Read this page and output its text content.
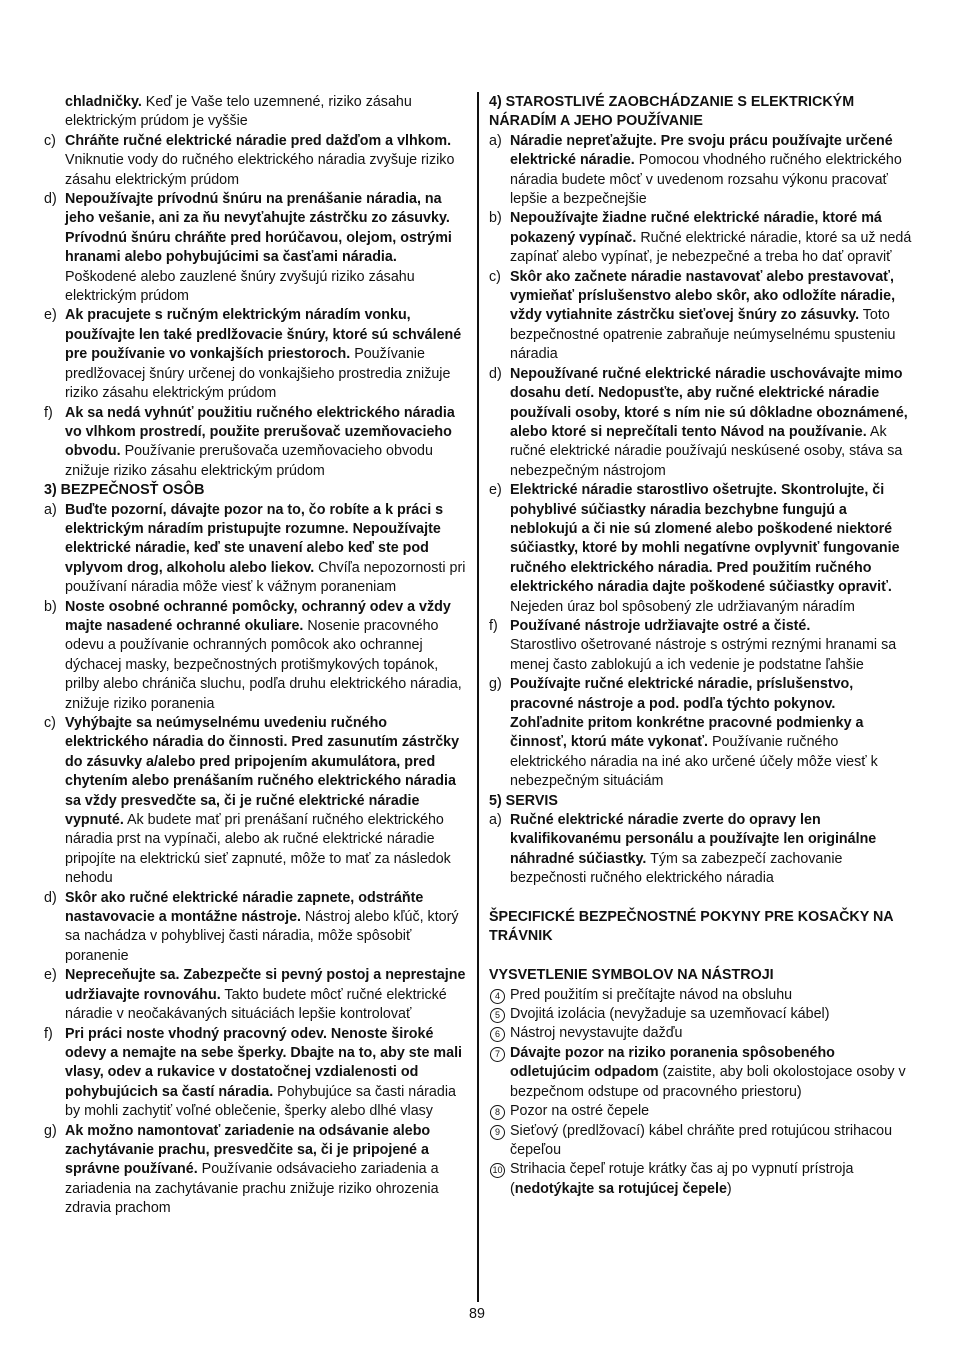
chladničky. Keď je Vaše telo uzemnené, riziko zásahu elektrickým prúdom je vyššie
c) Chráňte ručné elektrické náradie pred dažďom a vlhkom. Vniknutie vody do ručného elektrického náradia zvyšuje riziko zásahu elektrickým prúdom
d) Nepoužívajte prívodnú šnúru na prenášanie náradia, na jeho vešanie, ani za ňu nevyťahujte zástrčku zo zásuvky. Prívodnú šnúru chráňte pred horúčavou, olejom, ostrými hranami alebo pohybujúcimi sa časťami náradia. Poškodené alebo zauzlené šnúry zvyšujú riziko zásahu elektrickým prúdom
e) Ak pracujete s ručným elektrickým náradím vonku, používajte len také predlžovacie šnúry, ktoré sú schválené pre používanie vo vonkajších priestoroch. Používanie predlžovacej šnúry určenej do vonkajšieho prostredia znižuje riziko zásahu elektrickým prúdom
f) Ak sa nedá vyhnúť použitiu ručného elektrického náradia vo vlhkom prostredí, použite prerušovač uzemňovacieho obvodu. Používanie prerušovača uzemňovacieho obvodu znižuje riziko zásahu elektrickým prúdom
3) BEZPEČNOSŤ OSÔB
a) Buďte pozorní, dávajte pozor na to, čo robíte a k práci s elektrickým náradím pristupujte rozumne. Nepoužívajte elektrické náradie, keď ste unavení alebo keď ste pod vplyvom drog, alkoholu alebo liekov. Chvíľa nepozornosti pri používaní náradia môže viesť k vážnym poraneniam
b) Noste osobné ochranné pomôcky, ochranný odev a vždy majte nasadené ochranné okuliare. Nosenie pracovného odevu a používanie ochranných pomôcok ako ochrannej dýchacej masky, bezpečnostných protišmykových topánok, prilby alebo chrániča sluchu, podľa druhu elektrického náradia, znižuje riziko poranenia
c) Vyhýbajte sa neúmyselnému uvedeniu ručného elektrického náradia do činnosti. Pred zasunutím zástrčky do zásuvky a/alebo pred pripojením akumulátora, pred chytením alebo prenášaním ručného elektrického náradia sa vždy presvedčte sa, či je ručné elektrické náradie vypnuté. Ak budete mať pri prenášaní ručného elektrického náradia prst na vypínači, alebo ak ručné elektrické náradie pripojíte na elektrickú sieť zapnuté, môže to mať za následok nehodu
d) Skôr ako ručné elektrické náradie zapnete, odstráňte nastavovacie a montážne nástroje. Nástroj alebo kľúč, ktorý sa nachádza v pohyblivej časti náradia, môže spôsobiť poranenie
e) Nepreceňujte sa. Zabezpečte si pevný postoj a neprestajne udržiavajte rovnováhu. Takto budete môcť ručné elektrické náradie v neočakávaných situáciách lepšie kontrolovať
f) Pri práci noste vhodný pracovný odev. Nenoste široké odevy a nemajte na sebe šperky. Dbajte na to, aby ste mali vlasy, odev a rukavice v dostatočnej vzdialenosti od pohybujúcich sa častí náradia. Pohybujúce sa časti náradia by mohli zachytiť voľné oblečenie, šperky alebo dlhé vlasy
g) Ak možno namontovať zariadenie na odsávanie alebo zachytávanie prachu, presvedčite sa, či je pripojené a správne používané. Používanie odsávacieho zariadenia a zariadenia na zachytávanie prachu znižuje riziko ohrozenia zdravia prachom
4) STAROSTLIVÉ ZAOBCHÁDZANIE S ELEKTRICKÝM NÁRADÍM A JEHO POUŽÍVANIE
a) Náradie nepreťažujte. Pre svoju prácu používajte určené elektrické náradie. Pomocou vhodného ručného elektrického náradia budete môcť v uvedenom rozsahu výkonu pracovať lepšie a bezpečnejšie
b) Nepoužívajte žiadne ručné elektrické náradie, ktoré má pokazený vypínač. Ručné elektrické náradie, ktoré sa už nedá zapínať alebo vypínať, je nebezpečné a treba ho dať opraviť
c) Skôr ako začnete náradie nastavovať alebo prestavovať, vymieňať príslušenstvo alebo skôr, ako odložíte náradie, vždy vytiahnite zástrčku sieťovej šnúry zo zásuvky. Toto bezpečnostné opatrenie zabraňuje neúmyselnému spusteniu náradia
d) Nepoužívané ručné elektrické náradie uschovávajte mimo dosahu detí. Nedopusťte, aby ručné elektrické náradie používali osoby, ktoré s ním nie sú dôkladne oboznámené, alebo ktoré si neprečítali tento Návod na používanie. Ak ručné elektrické náradie používajú neskúsené osoby, stáva sa nebezpečným nástrojom
e) Elektrické náradie starostlivo ošetrujte. Skontrolujte, či pohyblivé súčiastky náradia bezchybne fungujú a neblokujú a či nie sú zlomené alebo poškodené niektoré súčiastky, ktoré by mohli negatívne ovplyvniť fungovanie ručného elektrického náradia. Pred použitím ručného elektrického náradia dajte poškodené súčiastky opraviť. Nejeden úraz bol spôsobený zle udržiavaným náradím
f) Používané nástroje udržiavajte ostré a čisté.
Starostlivo ošetrované nástroje s ostrými reznými hranami sa menej často zablokujú a ich vedenie je podstatne ľahšie
g) Používajte ručné elektrické náradie, príslušenstvo, pracovné nástroje a pod. podľa týchto pokynov. Zohľadnite pritom konkrétne pracovné podmienky a činnosť, ktorú máte vykonať. Používanie ručného elektrického náradia na iné ako určené účely môže viesť k nebezpečným situáciám
5) SERVIS
a) Ručné elektrické náradie zverte do opravy len kvalifikovanému personálu a používajte len originálne náhradné súčiastky. Tým sa zabezpečí zachovanie bezpečnosti ručného elektrického náradia
ŠPECIFICKÉ BEZPEČNOSTNÉ POKYNY PRE KOSAČKY NA TRÁVNIK
VYSVETLENIE SYMBOLOV NA NÁSTROJI
4 Pred použitím si prečítajte návod na obsluhu
5 Dvojitá izolácia (nevyžaduje sa uzemňovací kábel)
6 Nástroj nevystavujte dažďu
7 Dávajte pozor na riziko poranenia spôsobeného odletujúcim odpadom (zaistite, aby boli okolostojace osoby v bezpečnom odstupe od pracovného priestoru)
8 Pozor na ostré čepele
9 Sieťový (predlžovací) kábel chráňte pred rotujúcou strihacou čepeľou
10 Strihacia čepeľ rotuje krátky čas aj po vypnutí prístroja (nedotýkajte sa rotujúcej čepele)
89
